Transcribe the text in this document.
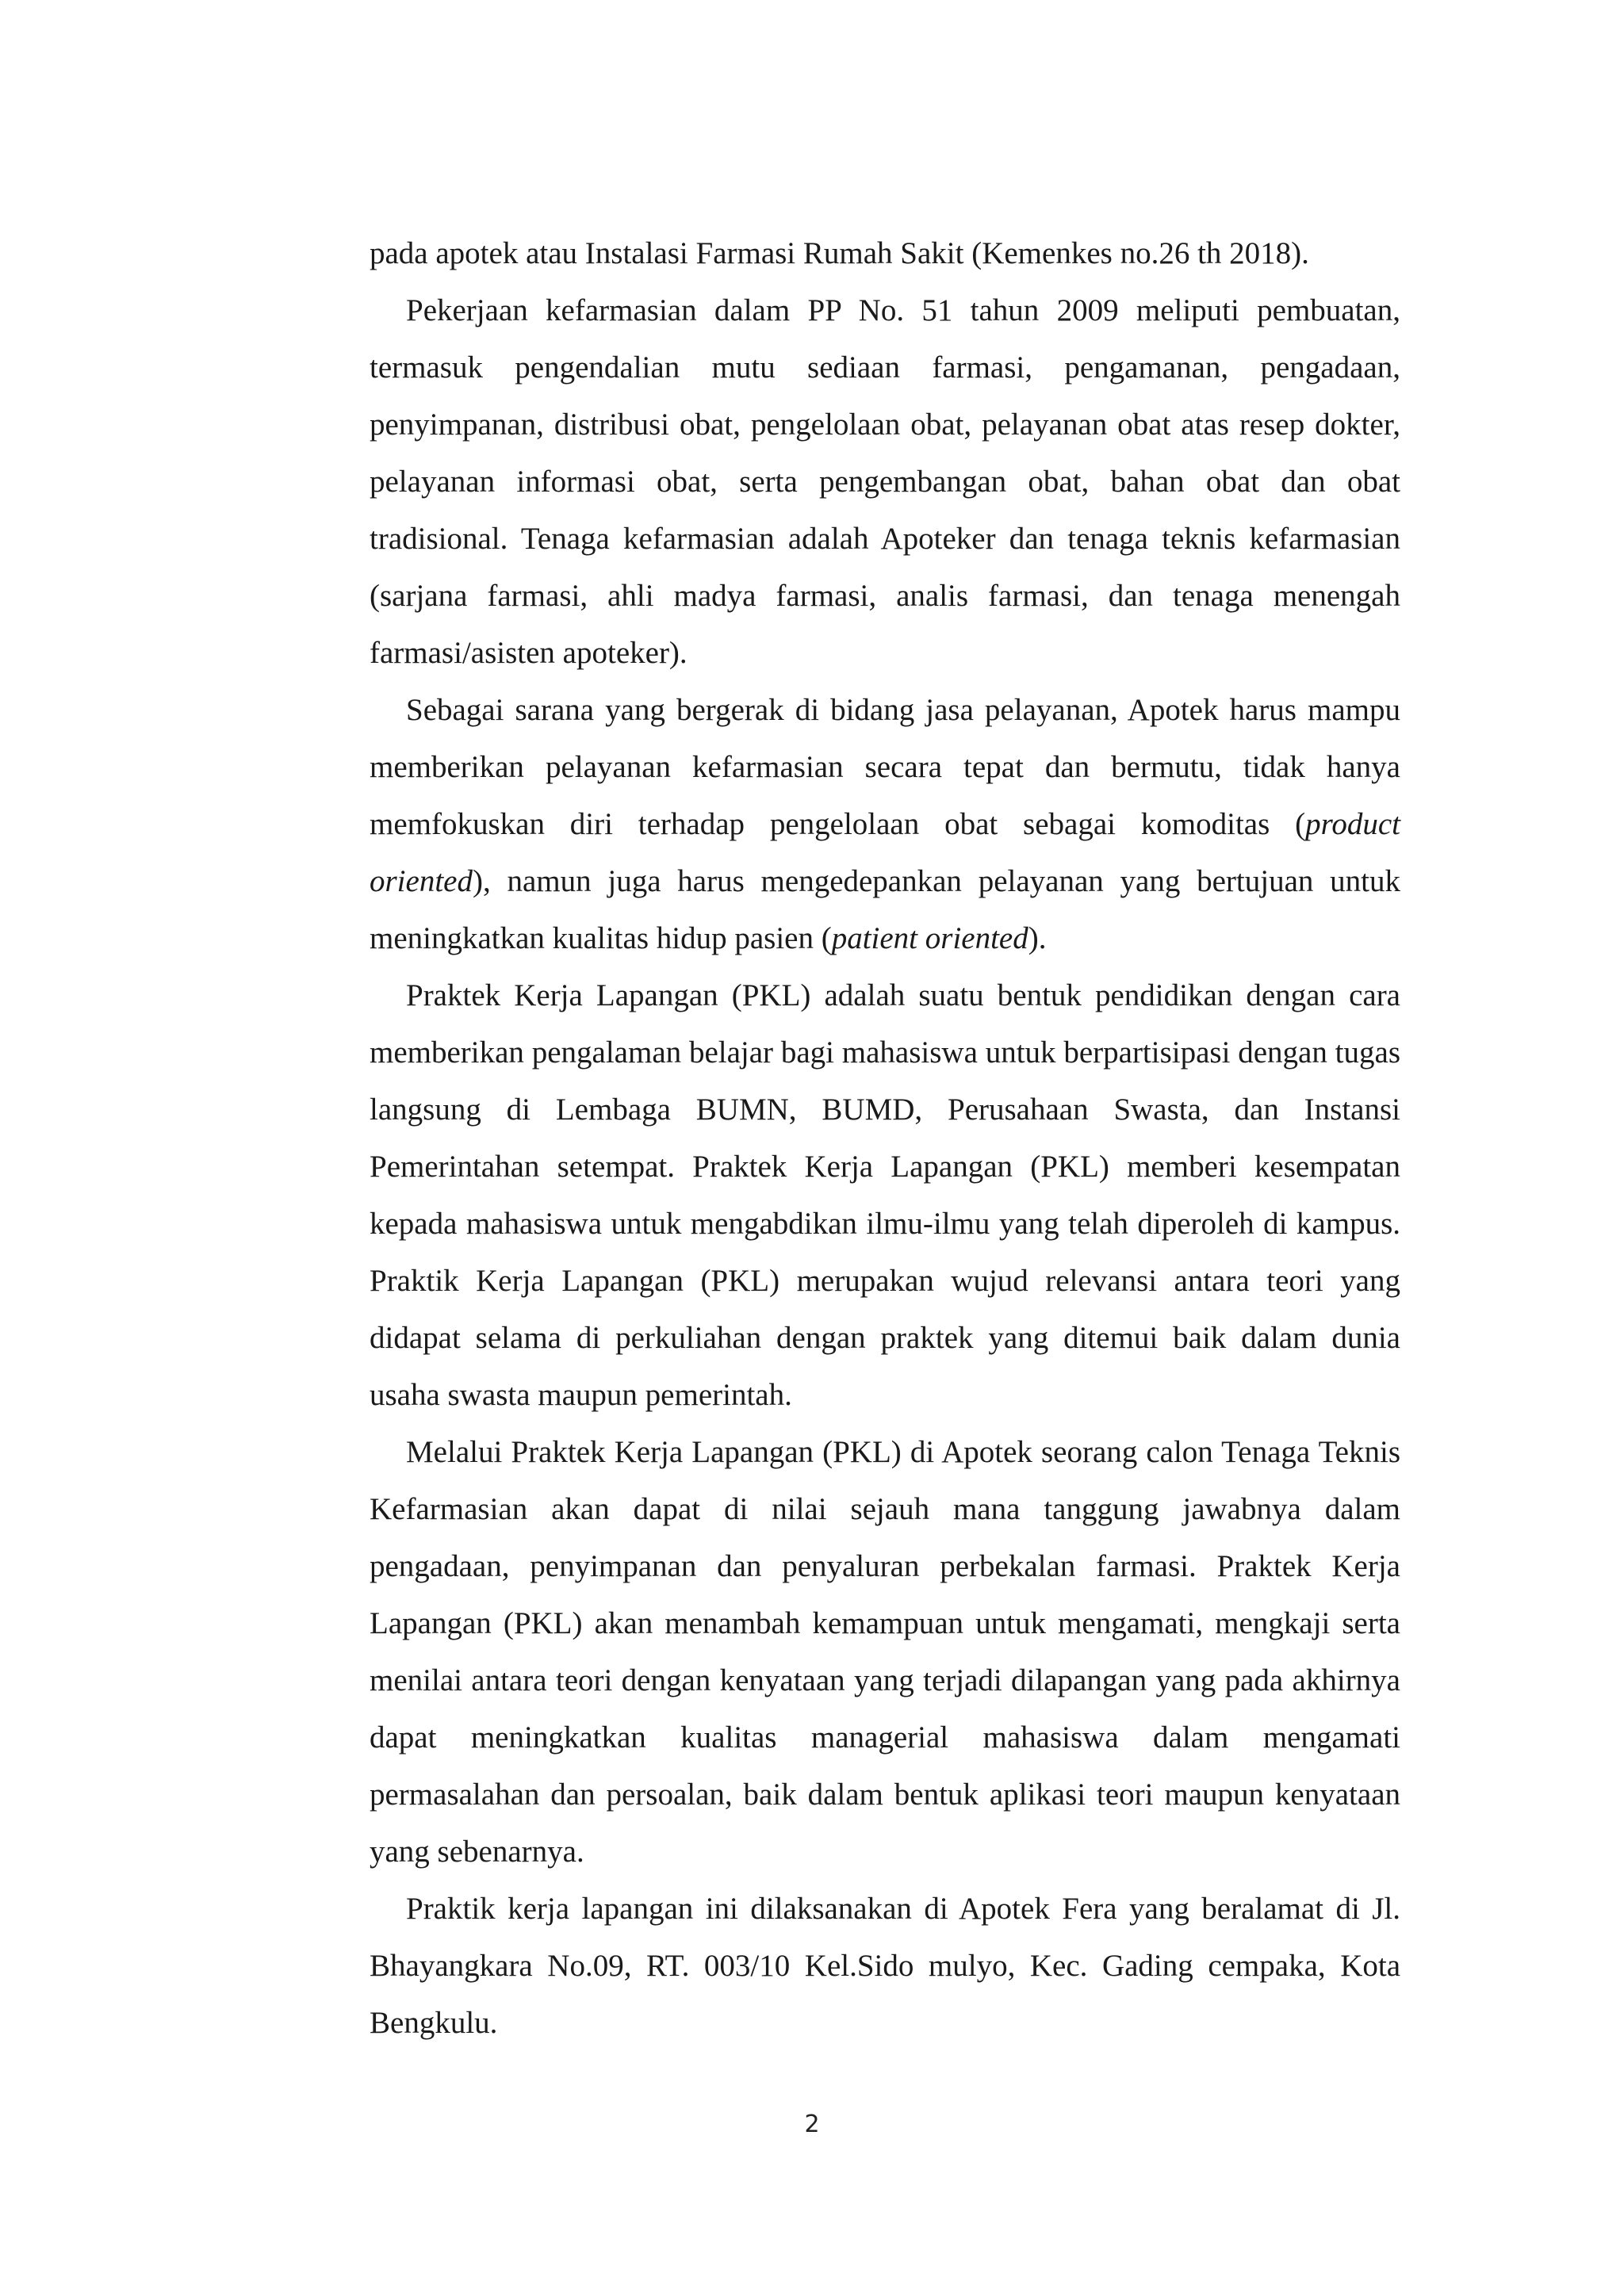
pada apotek atau Instalasi Farmasi Rumah Sakit (Kemenkes no.26 th 2018).

Pekerjaan kefarmasian dalam PP No. 51 tahun 2009 meliputi pembuatan, termasuk pengendalian mutu sediaan farmasi, pengamanan, pengadaan, penyimpanan, distribusi obat, pengelolaan obat, pelayanan obat atas resep dokter, pelayanan informasi obat, serta pengembangan obat, bahan obat dan obat tradisional. Tenaga kefarmasian adalah Apoteker dan tenaga teknis kefarmasian (sarjana farmasi, ahli madya farmasi, analis farmasi, dan tenaga menengah farmasi/asisten apoteker).

Sebagai sarana yang bergerak di bidang jasa pelayanan, Apotek harus mampu memberikan pelayanan kefarmasian secara tepat dan bermutu, tidak hanya memfokuskan diri terhadap pengelolaan obat sebagai komoditas (product oriented), namun juga harus mengedepankan pelayanan yang bertujuan untuk meningkatkan kualitas hidup pasien (patient oriented).

Praktek Kerja Lapangan (PKL) adalah suatu bentuk pendidikan dengan cara memberikan pengalaman belajar bagi mahasiswa untuk berpartisipasi dengan tugas langsung di Lembaga BUMN, BUMD, Perusahaan Swasta, dan Instansi Pemerintahan setempat. Praktek Kerja Lapangan (PKL) memberi kesempatan kepada mahasiswa untuk mengabdikan ilmu-ilmu yang telah diperoleh di kampus. Praktik Kerja Lapangan (PKL) merupakan wujud relevansi antara teori yang didapat selama di perkuliahan dengan praktek yang ditemui baik dalam dunia usaha swasta maupun pemerintah.

Melalui Praktek Kerja Lapangan (PKL) di Apotek seorang calon Tenaga Teknis Kefarmasian akan dapat di nilai sejauh mana tanggung jawabnya dalam pengadaan, penyimpanan dan penyaluran perbekalan farmasi. Praktek Kerja Lapangan (PKL) akan menambah kemampuan untuk mengamati, mengkaji serta menilai antara teori dengan kenyataan yang terjadi dilapangan yang pada akhirnya dapat meningkatkan kualitas managerial mahasiswa dalam mengamati permasalahan dan persoalan, baik dalam bentuk aplikasi teori maupun kenyataan yang sebenarnya.

Praktik kerja lapangan ini dilaksanakan di Apotek Fera yang beralamat di Jl. Bhayangkara No.09, RT. 003/10 Kel.Sido mulyo, Kec. Gading cempaka, Kota Bengkulu.

2
